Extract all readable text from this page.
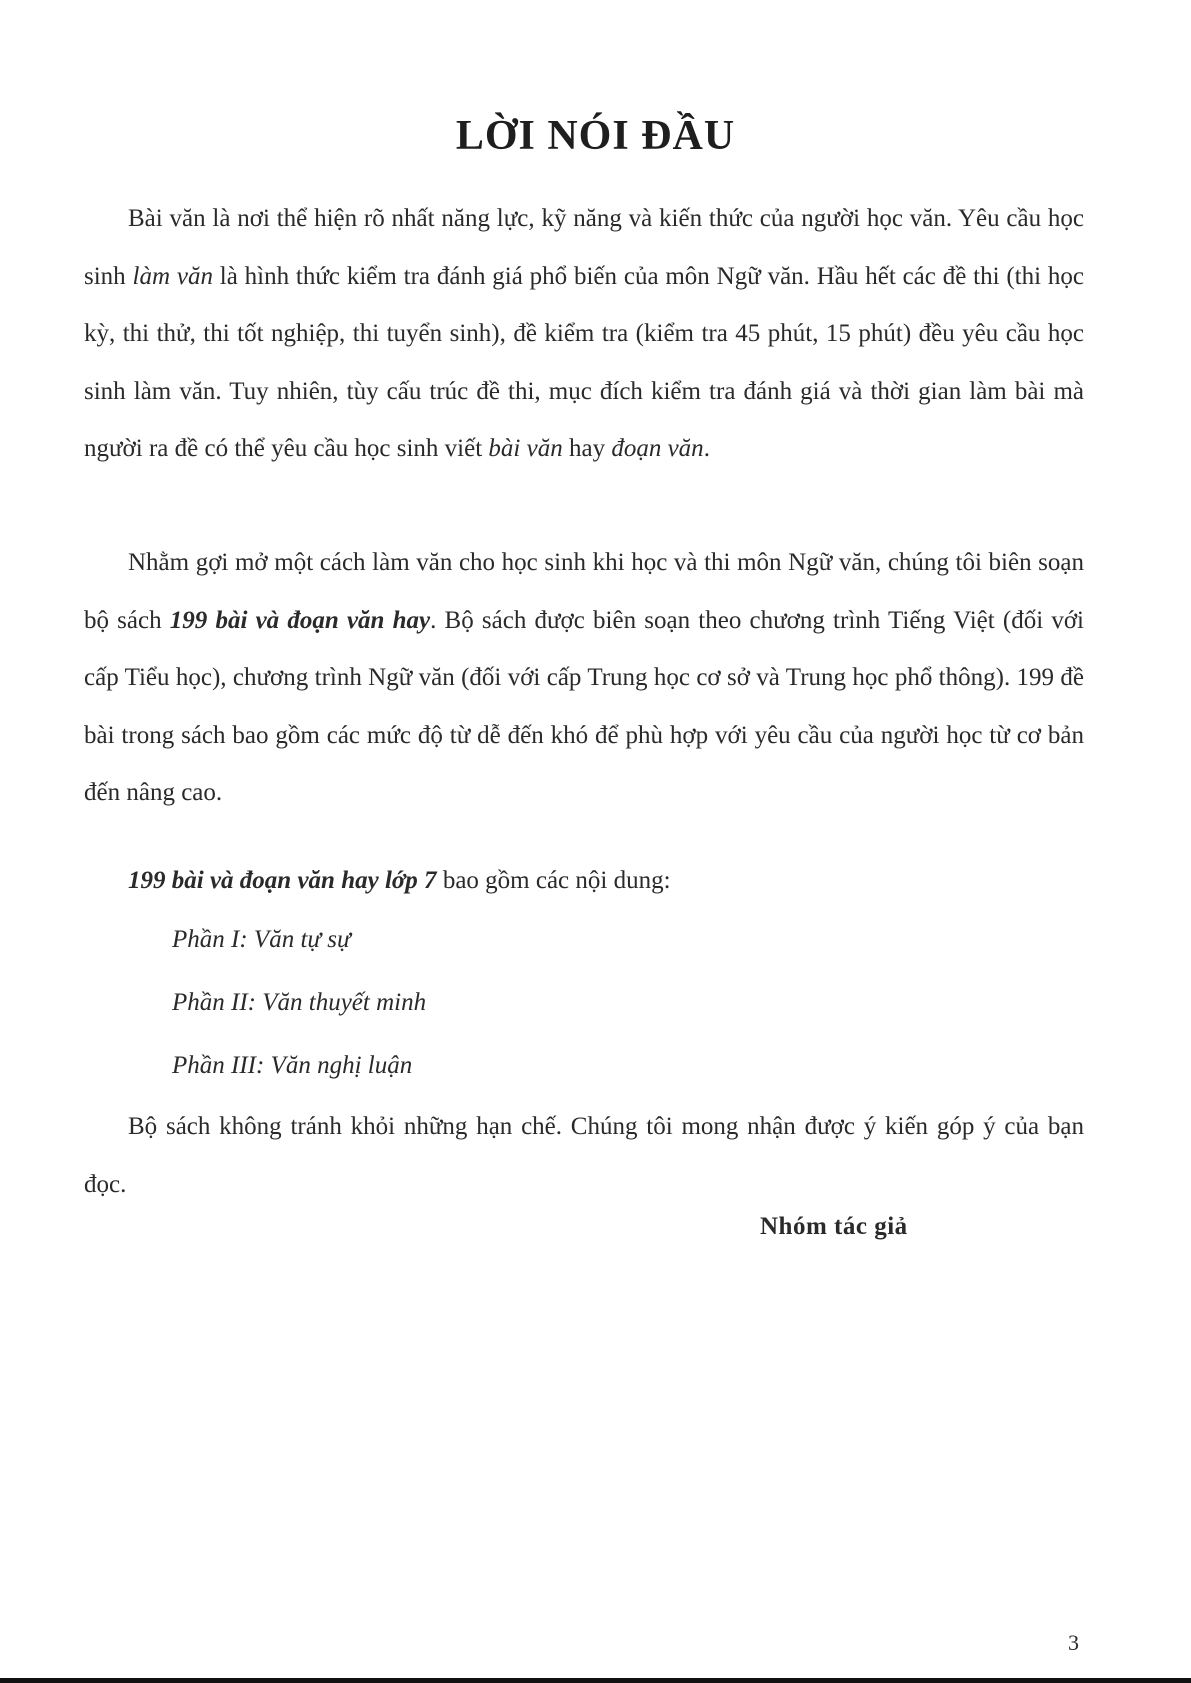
LỜI NÓI ĐẦU

Bài văn là nơi thể hiện rõ nhất năng lực, kỹ năng và kiến thức của người học văn. Yêu cầu học sinh làm văn là hình thức kiểm tra đánh giá phổ biến của môn Ngữ văn. Hầu hết các đề thi (thi học kỳ, thi thử, thi tốt nghiệp, thi tuyển sinh), đề kiểm tra (kiểm tra 45 phút, 15 phút) đều yêu cầu học sinh làm văn. Tuy nhiên, tùy cấu trúc đề thi, mục đích kiểm tra đánh giá và thời gian làm bài mà người ra đề có thể yêu cầu học sinh viết bài văn hay đoạn văn.

Nhằm gợi mở một cách làm văn cho học sinh khi học và thi môn Ngữ văn, chúng tôi biên soạn bộ sách 199 bài và đoạn văn hay. Bộ sách được biên soạn theo chương trình Tiếng Việt (đối với cấp Tiểu học), chương trình Ngữ văn (đối với cấp Trung học cơ sở và Trung học phổ thông). 199 đề bài trong sách bao gồm các mức độ từ dễ đến khó để phù hợp với yêu cầu của người học từ cơ bản đến nâng cao.

199 bài và đoạn văn hay lớp 7 bao gồm các nội dung:

Phần I: Văn tự sự
Phần II: Văn thuyết minh
Phần III: Văn nghị luận

Bộ sách không tránh khỏi những hạn chế. Chúng tôi mong nhận được ý kiến góp ý của bạn đọc.

Nhóm tác giả

3
